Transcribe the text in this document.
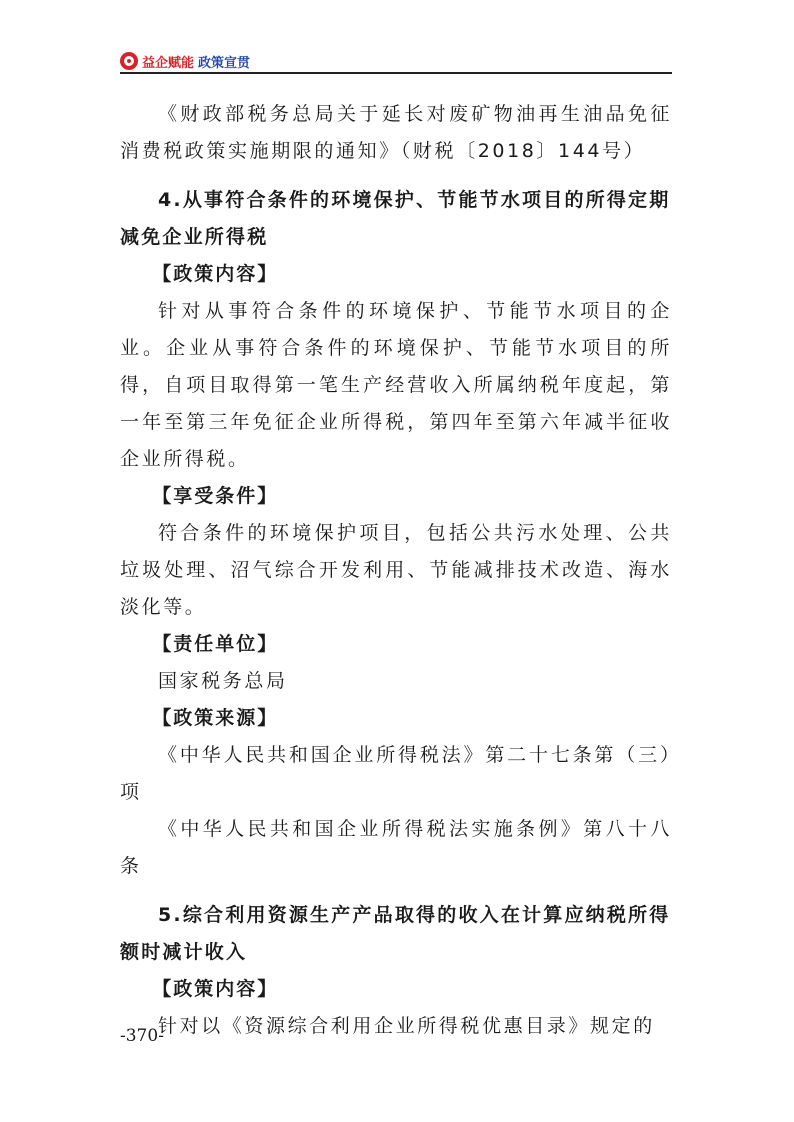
益企赋能 政策宣贯

《财政部税务总局关于延长对废矿物油再生油品免征消费税政策实施期限的通知》（财税〔2018〕144号）

4.从事符合条件的环境保护、节能节水项目的所得定期减免企业所得税

【政策内容】

针对从事符合条件的环境保护、节能节水项目的企业。企业从事符合条件的环境保护、节能节水项目的所得，自项目取得第一笔生产经营收入所属纳税年度起，第一年至第三年免征企业所得税，第四年至第六年减半征收企业所得税。

【享受条件】

符合条件的环境保护项目，包括公共污水处理、公共垃圾处理、沼气综合开发利用、节能减排技术改造、海水淡化等。

【责任单位】

国家税务总局

【政策来源】

《中华人民共和国企业所得税法》第二十七条第（三）项

《中华人民共和国企业所得税法实施条例》第八十八条

5.综合利用资源生产产品取得的收入在计算应纳税所得额时减计收入

【政策内容】

针对以《资源综合利用企业所得税优惠目录》规定的

-370-
